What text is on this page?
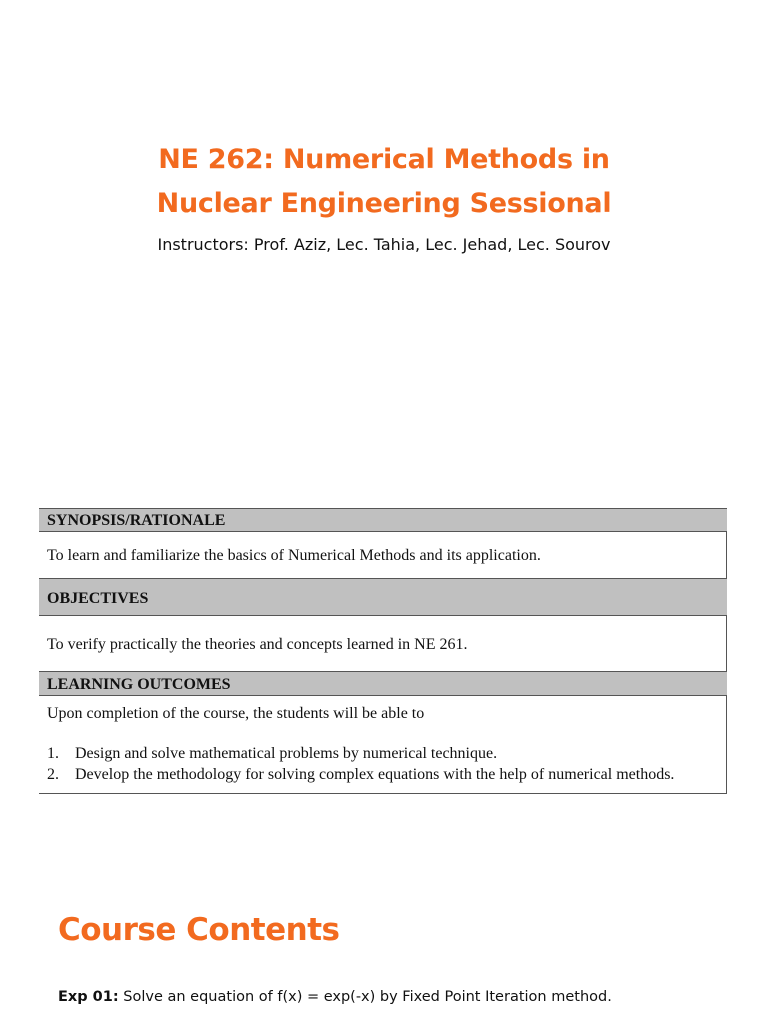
NE 262: Numerical Methods in
Nuclear Engineering Sessional
Instructors: Prof. Aziz, Lec. Tahia, Lec. Jehad, Lec. Sourov
SYNOPSIS/RATIONALE
To learn and familiarize the basics of Numerical Methods and its application.
OBJECTIVES
To verify practically the theories and concepts learned in NE 261.
LEARNING OUTCOMES
Upon completion of the course, the students will be able to
1.	Design and solve mathematical problems by numerical technique.
2.	Develop the methodology for solving complex equations with the help of numerical methods.
Course Contents
Exp 01: Solve an equation of f(x) = exp(-x) by Fixed Point Iteration method.
